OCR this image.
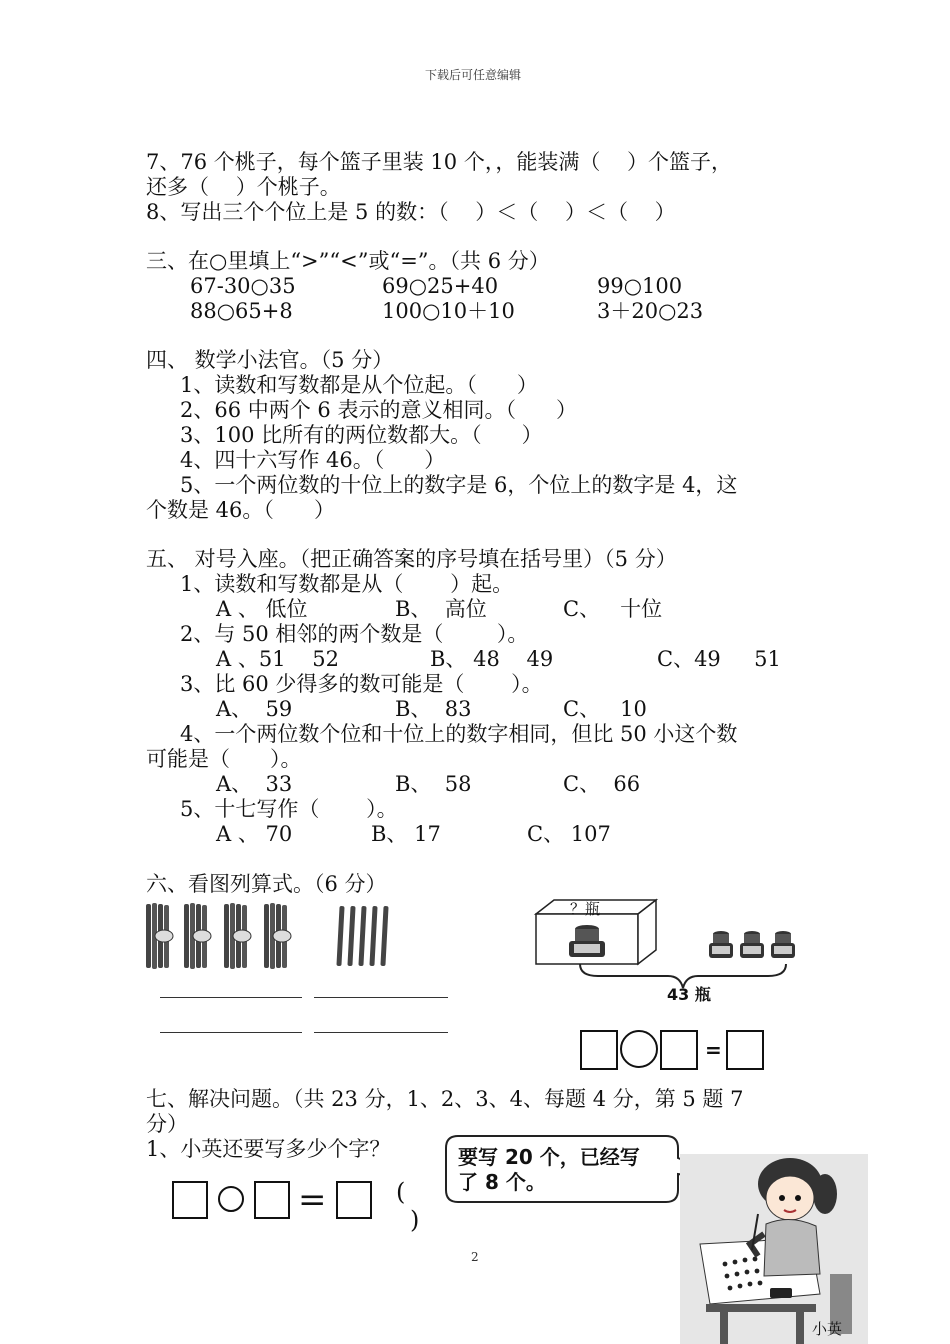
下载后可任意编辑
2
7、76 个桃子，每个篮子里装 10 个，，能装满（    ）个篮子，
还多（    ）个桃子。
8、写出三个个位上是 5 的数：（    ）＜（    ）＜（    ）
三、在○里填上“>”“<”或“=”。（共 6 分）
67-30○35	69○25+40	99○100
88○65+8	100○10＋10	3＋20○23
四、 数学小法官。（5 分）
1、读数和写数都是从个位起。（      ）
2、66 中两个 6 表示的意义相同。（      ）
3、100 比所有的两位数都大。（      ）
4、四十六写作 46。（      ）
5、一个两位数的十位上的数字是 6，个位上的数字是 4，这
个数是 46。（      ）
五、 对号入座。（把正确答案的序号填在括号里）（5 分）
1、读数和写数都是从（       ）起。
A 、 低位	B、  高位	C、   十位
2、与 50 相邻的两个数是（        ）。
A 、51    52	B、 48    49	C、49     51
3、比 60 少得多的数可能是（       ）。
A、  59	B、  83	C、   10
4、一个两位数个位和十位上的数字相同，但比 50 小这个数
可能是（      ）。
A、  33	B、  58	C、  66
5、十七写作（       ）。
A 、 70	B、 17	C、 107
六、看图列算式。（6 分）
？瓶
43 瓶
=
七、解决问题。（共 23 分，1、2、3、4、每题 4 分，第 5 题 7
分）
1、小英还要写多少个字？
=	(
)
要写 20 个，已经写
了 8 个。
小英
